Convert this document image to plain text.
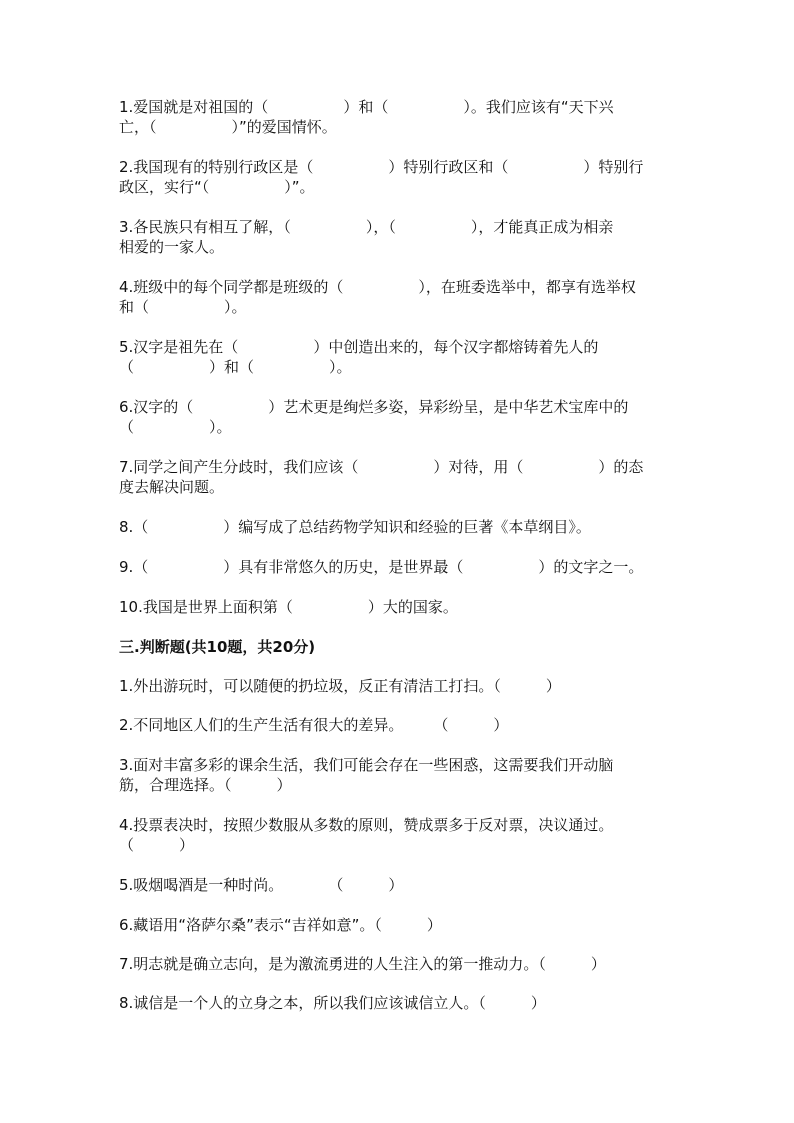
1.爱国就是对祖国的（　　　　　）和（　　　　　）。我们应该有“天下兴
亡，（　　　　　）”的爱国情怀。

2.我国现有的特别行政区是（　　　　　）特别行政区和（　　　　　）特别行
政区，实行“（　　　　　）”。

3.各民族只有相互了解，（　　　　　），（　　　　　），才能真正成为相亲
相爱的一家人。

4.班级中的每个同学都是班级的（　　　　　），在班委选举中，都享有选举权
和（　　　　　）。

5.汉字是祖先在（　　　　　）中创造出来的，每个汉字都熔铸着先人的
（　　　　　）和（　　　　　）。

6.汉字的（　　　　　）艺术更是绚烂多姿，异彩纷呈，是中华艺术宝库中的
（　　　　　）。

7.同学之间产生分歧时，我们应该（　　　　　）对待，用（　　　　　）的态
度去解决问题。

8.（　　　　　）编写成了总结药物学知识和经验的巨著《本草纲目》。

9.（　　　　　）具有非常悠久的历史，是世界最（　　　　　）的文字之一。

10.我国是世界上面积第（　　　　　）大的国家。

三.判断题(共10题，共20分)

1.外出游玩时，可以随便的扔垃圾，反正有清洁工打扫。（　　　）

2.不同地区人们的生产生活有很大的差异。　　　（　　　）

3.面对丰富多彩的课余生活，我们可能会存在一些困惑，这需要我们开动脑
筋，合理选择。（　　　）

4.投票表决时，按照少数服从多数的原则，赞成票多于反对票，决议通过。
（　　　）

5.吸烟喝酒是一种时尚。　　　　（　　　）

6.藏语用“洛萨尔桑”表示“吉祥如意”。（　　　）

7.明志就是确立志向，是为激流勇进的人生注入的第一推动力。（　　　）

8.诚信是一个人的立身之本，所以我们应该诚信立人。（　　　）
